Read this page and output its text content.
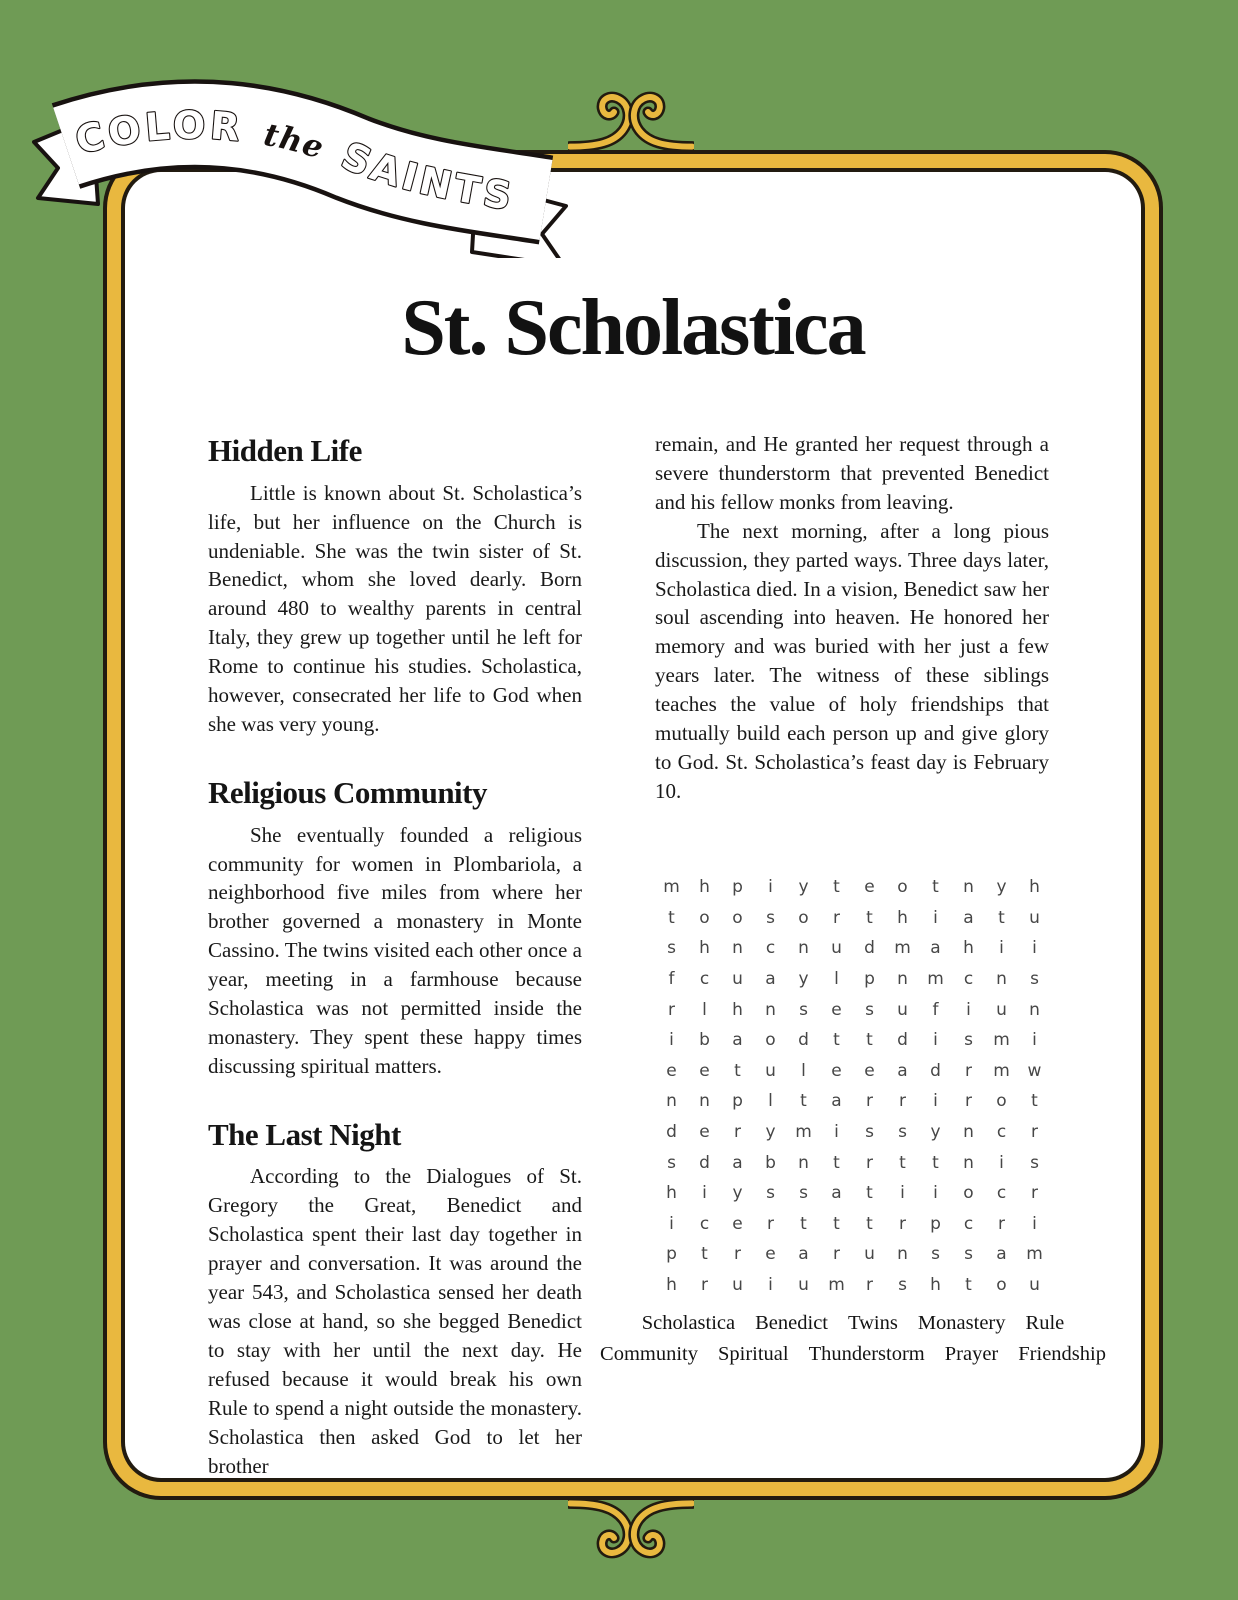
St. Scholastica
Hidden Life

Little is known about St. Scholastica’s life, but her influence on the Church is undeniable. She was the twin sister of St. Benedict, whom she loved dearly. Born around 480 to wealthy parents in central Italy, they grew up together until he left for Rome to continue his studies. Scholastica, however, consecrated her life to God when she was very young.

Religious Community

She eventually founded a religious community for women in Plombariola, a neighborhood five miles from where her brother governed a monastery in Monte Cassino. The twins visited each other once a year, meeting in a farmhouse because Scholastica was not permitted inside the monastery. They spent these happy times discussing spiritual matters.

The Last Night

According to the Dialogues of St. Gregory the Great, Benedict and Scholastica spent their last day together in prayer and conversation. It was around the year 543, and Scholastica sensed her death was close at hand, so she begged Benedict to stay with her until the next day. He refused because it would break his own Rule to spend a night outside the monastery. Scholastica then asked God to let her brother

remain, and He granted her request through a severe thunderstorm that prevented Benedict and his fellow monks from leaving.

The next morning, after a long pious discussion, they parted ways. Three days later, Scholastica died. In a vision, Benedict saw her soul ascending into heaven. He honored her memory and was buried with her just a few years later. The witness of these siblings teaches the value of holy friendships that mutually build each person up and give glory to God. St. Scholastica’s feast day is February 10.

m	h	p	i	y	t	e	o	t	n	y	h
t	o	o	s	o	r	t	h	i	a	t	u
s	h	n	c	n	u	d	m	a	h	i	i
f	c	u	a	y	l	p	n	m	c	n	s
r	l	h	n	s	e	s	u	f	i	u	n
i	b	a	o	d	t	t	d	i	s	m	i
e	e	t	u	l	e	e	a	d	r	m	w
n	n	p	l	t	a	r	r	i	r	o	t
d	e	r	y	m	i	s	s	y	n	c	r
s	d	a	b	n	t	r	t	t	n	i	s
h	i	y	s	s	a	t	i	i	o	c	r
i	c	e	r	t	t	t	r	p	c	r	i
p	t	r	e	a	r	u	n	s	s	a	m
h	r	u	i	u	m	r	s	h	t	o	u
Scholastica Benedict Twins Monastery Rule
Community Spiritual Thunderstorm Prayer Friendship
COLOR the SAINTS
